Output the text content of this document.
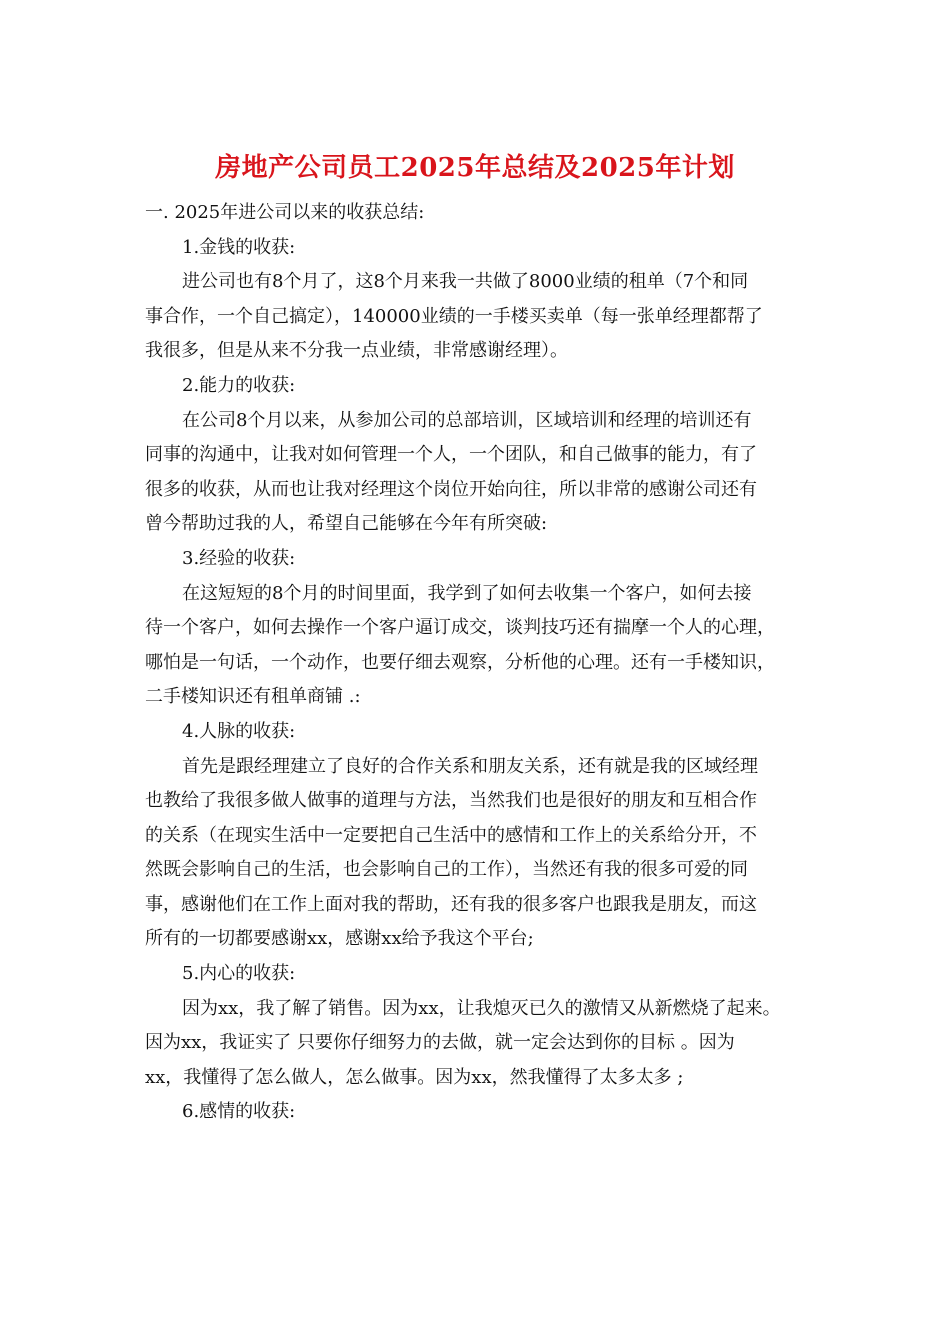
房地产公司员工2025年总结及2025年计划
一. 2025年进公司以来的收获总结:
1.金钱的收获:
进公司也有8个月了，这8个月来我一共做了8000业绩的租单（7个和同
事合作，一个自己搞定），140000业绩的一手楼买卖单（每一张单经理都帮了
我很多，但是从来不分我一点业绩，非常感谢经理）。
2.能力的收获:
在公司8个月以来，从参加公司的总部培训，区域培训和经理的培训还有
同事的沟通中，让我对如何管理一个人，一个团队，和自己做事的能力，有了
很多的收获，从而也让我对经理这个岗位开始向往，所以非常的感谢公司还有
曾今帮助过我的人，希望自己能够在今年有所突破:
3.经验的收获:
在这短短的8个月的时间里面，我学到了如何去收集一个客户，如何去接
待一个客户，如何去操作一个客户逼订成交，谈判技巧还有揣摩一个人的心理，
哪怕是一句话，一个动作，也要仔细去观察，分析他的心理。还有一手楼知识，
二手楼知识还有租单商铺 .:
4.人脉的收获:
首先是跟经理建立了良好的合作关系和朋友关系，还有就是我的区域经理
也教给了我很多做人做事的道理与方法，当然我们也是很好的朋友和互相合作
的关系（在现实生活中一定要把自己生活中的感情和工作上的关系给分开，不
然既会影响自己的生活，也会影响自己的工作），当然还有我的很多可爱的同
事，感谢他们在工作上面对我的帮助，还有我的很多客户也跟我是朋友，而这
所有的一切都要感谢xx，感谢xx给予我这个平台;
5.内心的收获:
因为xx，我了解了销售。因为xx，让我熄灭已久的激情又从新燃烧了起来。
因为xx，我证实了 只要你仔细努力的去做，就一定会达到你的目标 。因为
xx，我懂得了怎么做人，怎么做事。因为xx，然我懂得了太多太多 ;
6.感情的收获:
